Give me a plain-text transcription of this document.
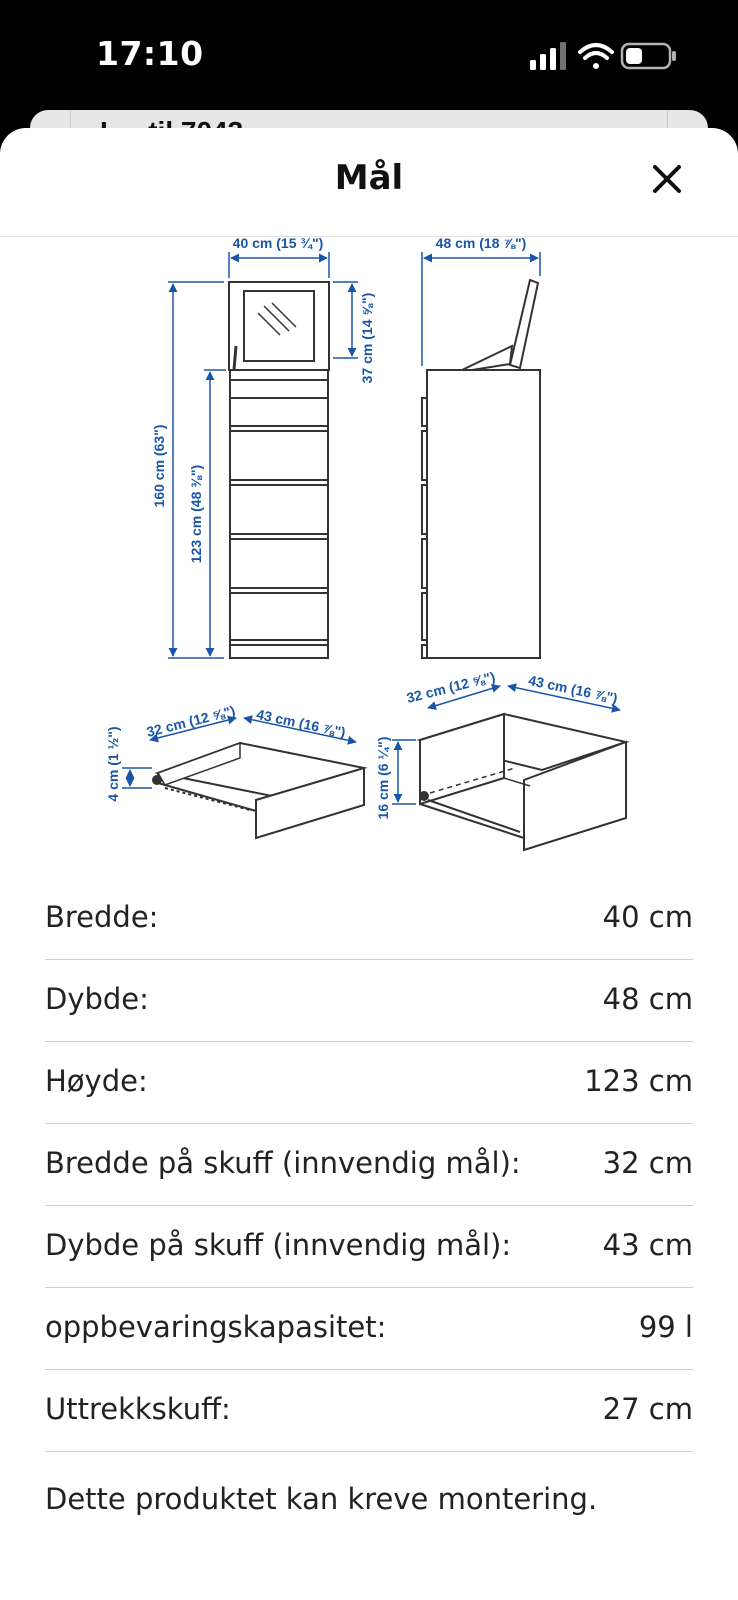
17:10
Mål
40 cm (15 ¾")
160 cm (63") 123 cm (48 ⅜")
37 cm (14 ⅝")
48 cm (18 ⅞")
32 cm (12 ⅝") 43 cm (16 ⅞")
4 cm (1 ½")
32 cm (12 ⅝") 43 cm (16 ⅞")
16 cm (6 ¼")
Bredde:	40 cm
Dybde:	48 cm
Høyde:	123 cm
Bredde på skuff (innvendig mål):	32 cm
Dybde på skuff (innvendig mål):	43 cm
oppbevaringskapasitet:	99 l
Uttrekkskuff:	27 cm
Dette produktet kan kreve montering.
